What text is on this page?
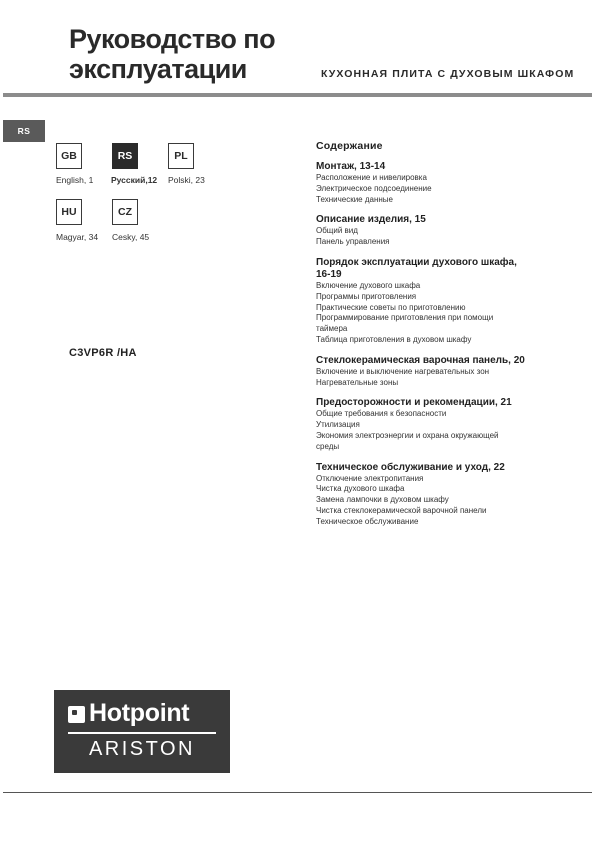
Руководство по
эксплуатации	КУХОННАЯ ПЛИТА С ДУХОВЫМ ШКАФОМ
RS
GB
English, 1
RS
Русский,12
PL
Polski, 23
HU
Magyar, 34
CZ
Cesky, 45
C3VP6R /HA
Содержание
Монтаж, 13-14
Расположение и нивелировка
Электрическое подсоединение
Технические данные
Описание изделия, 15
Общий вид
Панель управления
Порядок эксплуатации духового шкафа,
16-19
Включение духового шкафа
Программы приготовления
Практические советы по приготовлению
Программирование приготовления при помощи
таймера
Таблица приготовления в духовом шкафу
Стеклокерамическая варочная панель, 20
Включение и выключение нагревательных зон
Нагревательные зоны
Предосторожности и рекомендации, 21
Общие требования к безопасности
Утилизация
Экономия электроэнергии и охрана окружающей
среды
Техническое обслуживание и уход, 22
Отключение электропитания
Чистка духового шкафа
Замена лампочки в духовом шкафу
Чистка стеклокерамической варочной панели
Техническое обслуживание
Hotpoint
ARISTON
